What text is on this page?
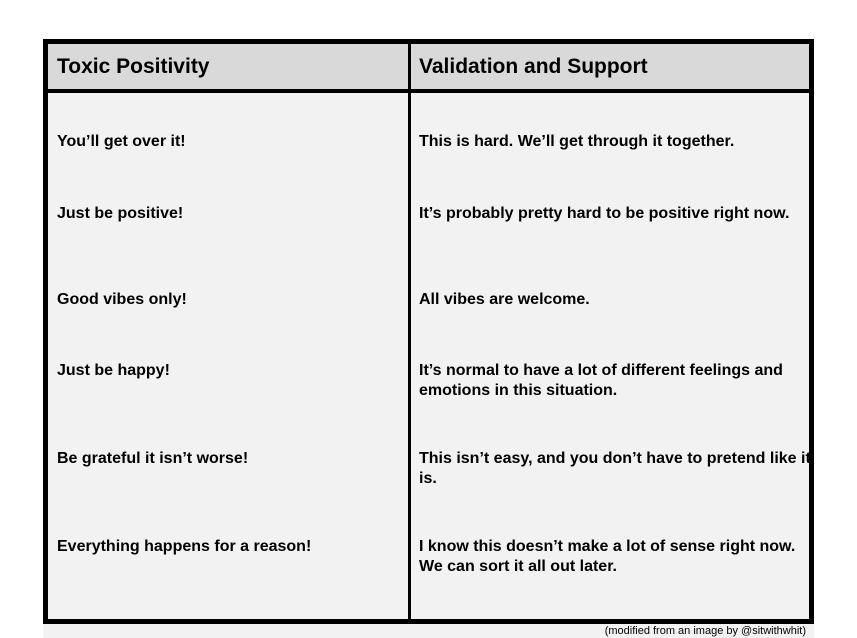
Toxic Positivity	Validation and Support
You’ll get over it!	This is hard. We’ll get through it together.
Just be positive!	It’s probably pretty hard to be positive right now.
Good vibes only!	All vibes are welcome.
Just be happy!	It’s normal to have a lot of different feelings and emotions in this situation.
Be grateful it isn’t worse!	This isn’t easy, and you don’t have to pretend like it is.
Everything happens for a reason!	I know this doesn’t make a lot of sense right now. We can sort it all out later.
(modified from an image by @sitwithwhit)
